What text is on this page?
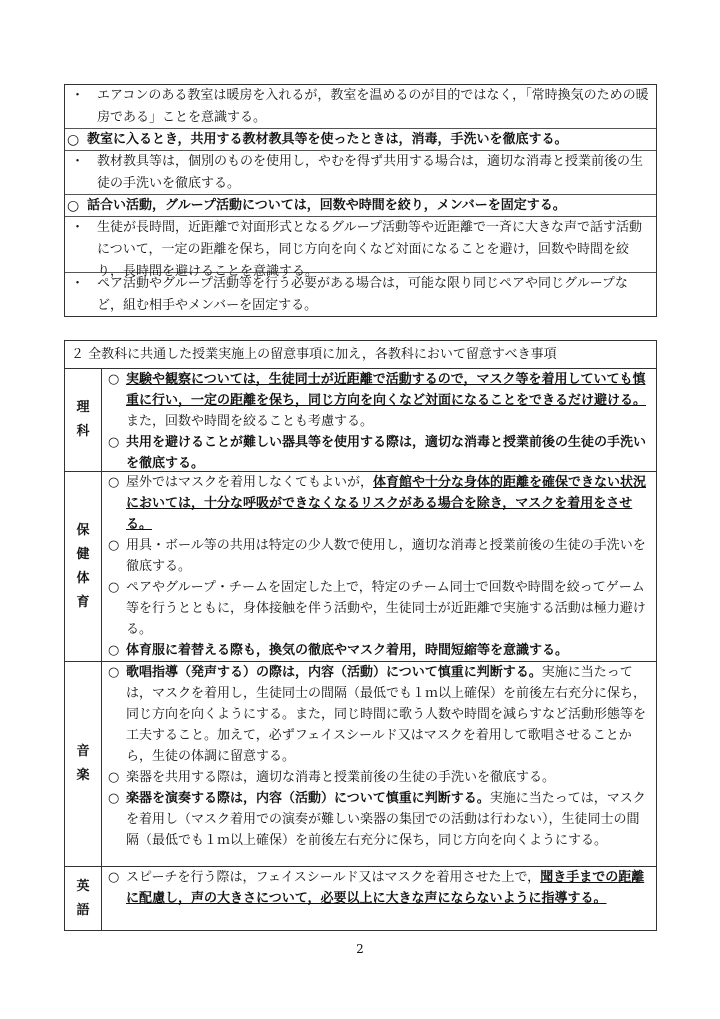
・ エアコンのある教室は暖房を入れるが，教室を温めるのが目的ではなく，「常時換気のための暖房である」ことを意識する。
○ 教室に入るとき，共用する教材教具等を使ったときは，消毒，手洗いを徹底する。
・ 教材教具等は，個別のものを使用し，やむを得ず共用する場合は，適切な消毒と授業前後の生徒の手洗いを徹底する。
○ 話合い活動，グループ活動については，回数や時間を絞り，メンバーを固定する。
・ 生徒が長時間，近距離で対面形式となるグループ活動等や近距離で一斉に大きな声で話す活動について，一定の距離を保ち，同じ方向を向くなど対面になることを避け，回数や時間を絞り，長時間を避けることを意識する。
・ ペア活動やグループ活動等を行う必要がある場合は，可能な限り同じペアや同じグループなど，組む相手やメンバーを固定する。
２ 全教科に共通した授業実施上の留意事項に加え，各教科において留意すべき事項
理
科
○ 実験や観察については，生徒同士が近距離で活動するので，マスク等を着用していても慎重に行い，一定の距離を保ち，同じ方向を向くなど対面になることをできるだけ避ける。また，回数や時間を絞ることも考慮する。
○ 共用を避けることが難しい器具等を使用する際は，適切な消毒と授業前後の生徒の手洗いを徹底する。
保
健
体
育
○ 屋外ではマスクを着用しなくてもよいが，体育館や十分な身体的距離を確保できない状況においては，十分な呼吸ができなくなるリスクがある場合を除き，マスクを着用をさせる。
○ 用具・ボール等の共用は特定の少人数で使用し，適切な消毒と授業前後の生徒の手洗いを徹底する。
○ ペアやグループ・チームを固定した上で，特定のチーム同士で回数や時間を絞ってゲーム等を行うとともに，身体接触を伴う活動や，生徒同士が近距離で実施する活動は極力避ける。
○ 体育服に着替える際も，換気の徹底やマスク着用，時間短縮等を意識する。
音
楽
○ 歌唱指導（発声する）の際は，内容（活動）について慎重に判断する。実施に当たっては，マスクを着用し，生徒同士の間隔（最低でも１ｍ以上確保）を前後左右充分に保ち，同じ方向を向くようにする。また，同じ時間に歌う人数や時間を減らすなど活動形態等を工夫すること。加えて，必ずフェイスシールド又はマスクを着用して歌唱させることから，生徒の体調に留意する。
○ 楽器を共用する際は，適切な消毒と授業前後の生徒の手洗いを徹底する。
○ 楽器を演奏する際は，内容（活動）について慎重に判断する。実施に当たっては，マスクを着用し（マスク着用での演奏が難しい楽器の集団での活動は行わない），生徒同士の間隔（最低でも１ｍ以上確保）を前後左右充分に保ち，同じ方向を向くようにする。
英
語
○ スピーチを行う際は，フェイスシールド又はマスクを着用させた上で，聞き手までの距離に配慮し，声の大きさについて，必要以上に大きな声にならないように指導する。
2
